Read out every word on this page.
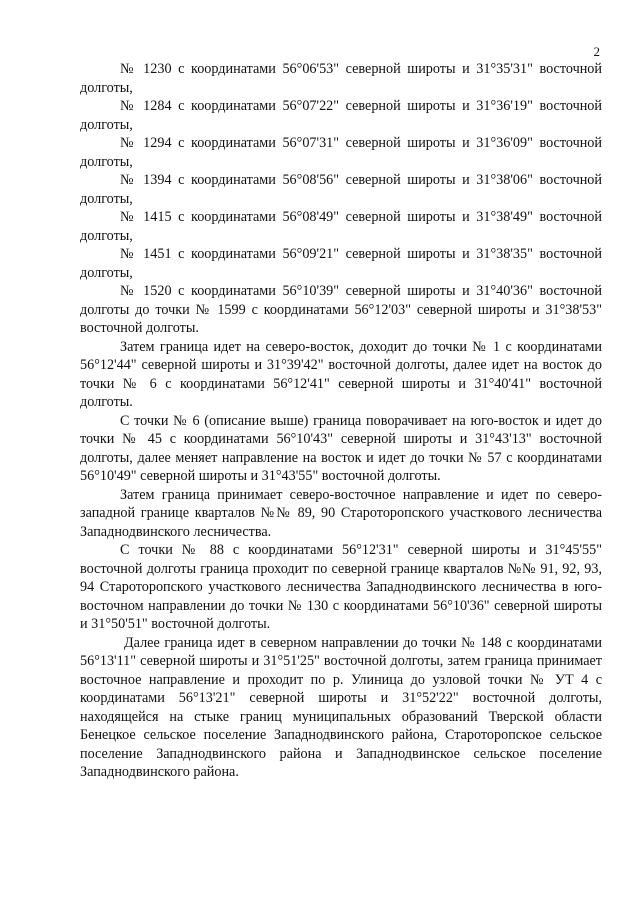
2

№ 1230 с координатами 56°06'53" северной широты и 31°35'31" восточной долготы,

№ 1284 с координатами 56°07'22" северной широты и 31°36'19" восточной долготы,

№ 1294 с координатами 56°07'31" северной широты и 31°36'09" восточной долготы,

№ 1394 с координатами 56°08'56" северной широты и 31°38'06" восточной долготы,

№ 1415 с координатами 56°08'49" северной широты и 31°38'49" восточной долготы,

№ 1451 с координатами 56°09'21" северной широты и 31°38'35" восточной долготы,

№ 1520 с координатами 56°10'39" северной широты и 31°40'36" восточной долготы до точки № 1599 с координатами 56°12'03" северной широты и 31°38'53" восточной долготы.

Затем граница идет на северо-восток, доходит до точки № 1 с координатами 56°12'44" северной широты и 31°39'42" восточной долготы, далее идет на восток до точки № 6 с координатами 56°12'41" северной широты и 31°40'41" восточной долготы.

С точки № 6 (описание выше) граница поворачивает на юго-восток и идет до точки № 45 с координатами 56°10'43" северной широты и 31°43'13" восточной долготы, далее меняет направление на восток и идет до точки № 57 с координатами 56°10'49" северной широты и 31°43'55" восточной долготы.

Затем граница принимает северо-восточное направление и идет по северо-западной границе кварталов №№ 89, 90 Староторопского участкового лесничества Западнодвинского лесничества.

С точки № 88 с координатами 56°12'31" северной широты и 31°45'55" восточной долготы граница проходит по северной границе кварталов №№ 91, 92, 93, 94 Староторопского участкового лесничества Западнодвинского лесничества в юго-восточном направлении до точки № 130 с координатами 56°10'36" северной широты и 31°50'51" восточной долготы.

Далее граница идет в северном направлении до точки № 148 с координатами 56°13'11" северной широты и 31°51'25" восточной долготы, затем граница принимает восточное направление и проходит по р. Улиница до узловой точки № УТ 4 с координатами 56°13'21" северной широты и 31°52'22" восточной долготы, находящейся на стыке границ муниципальных образований Тверской области Бенецкое сельское поселение Западнодвинского района, Староторопское сельское поселение Западнодвинского района и Западнодвинское сельское поселение Западнодвинского района.
